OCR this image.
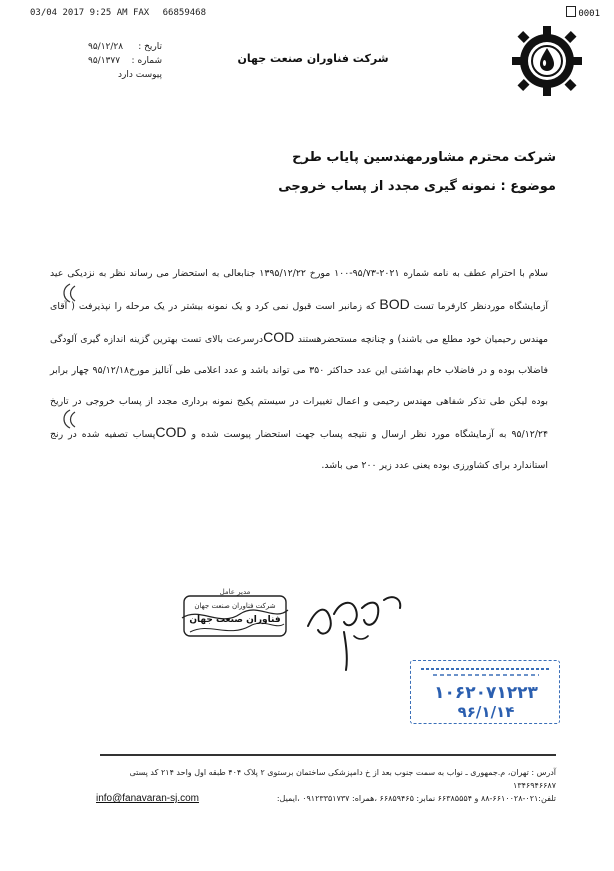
03/04 2017 9:25 AM FAX 66859468	0001
شرکت فناوران صنعت جهان
تاریخ :
۹۵/۱۲/۲۸
شماره :
۹۵/۱۳۷۷
پیوست دارد
شرکت محترم مشاورمهندسین پایاب طرح
موضوع : نمونه گیری مجدد از پساب خروجی
سلام با احترام عطف به نامه شماره ۲۰۲۱-۹۵/۷۳-۱۰۰ مورخ ۱۳۹۵/۱۲/۲۲ جنابعالی به استحضار می رساند نظر به نزدیکی عید آزمایشگاه موردنظر کارفرما تست BOD که زمانبر است قبول نمی کرد و یک نمونه بیشتر در یک مرحله را نپذیرفت ( آقای مهندس رحیمیان خود مطلع می باشند) و چنانچه مستحضرهستند CODدرسرعت بالای تست بهترین گزینه اندازه گیری آلودگی فاضلاب بوده و در فاضلاب خام بهداشتی این عدد حداکثر ۳۵۰ می تواند باشد و عدد اعلامی طی آنالیز مورخ۹۵/۱۲/۱۸ چهار برابر بوده لیکن طی تذکر شفاهی مهندس رحیمی و اعمال تغییرات در سیستم پکیج نمونه برداری مجدد از پساب خروجی در تاریخ ۹۵/۱۲/۲۴ به آزمایشگاه مورد نظر ارسال و نتیجه پساب جهت استحضار پیوست شده و CODپساب تصفیه شده در رنج استاندارد برای کشاورزی بوده یعنی عدد زیر ۲۰۰ می باشد.
مدیر عامل
شرکت فناوران صنعت جهان
فناوران صنعت جهان
۱۰۶۲۰۷۱۲۲۳
۹۶/۱/۱۴
آدرس : تهران، م.جمهوری ـ نواب به سمت جنوب بعد از خ دامپزشکی ساختمان برستوی ۲ پلاک ۴۰۴ طبقه اول واحد ۲۱۴ کد پستی ۱۳۴۶۹۴۶۶۸۷
info@fanavaran-sj.com	تلفن:۰۲۱-۶۶۱۰۰۲۸-۸۸ و ۶۶۳۸۵۵۵۴ نمابر: ۶۶۸۵۹۴۶۵ ،همراه: ۰۹۱۲۳۳۵۱۷۳۷ ،ایمیل:
